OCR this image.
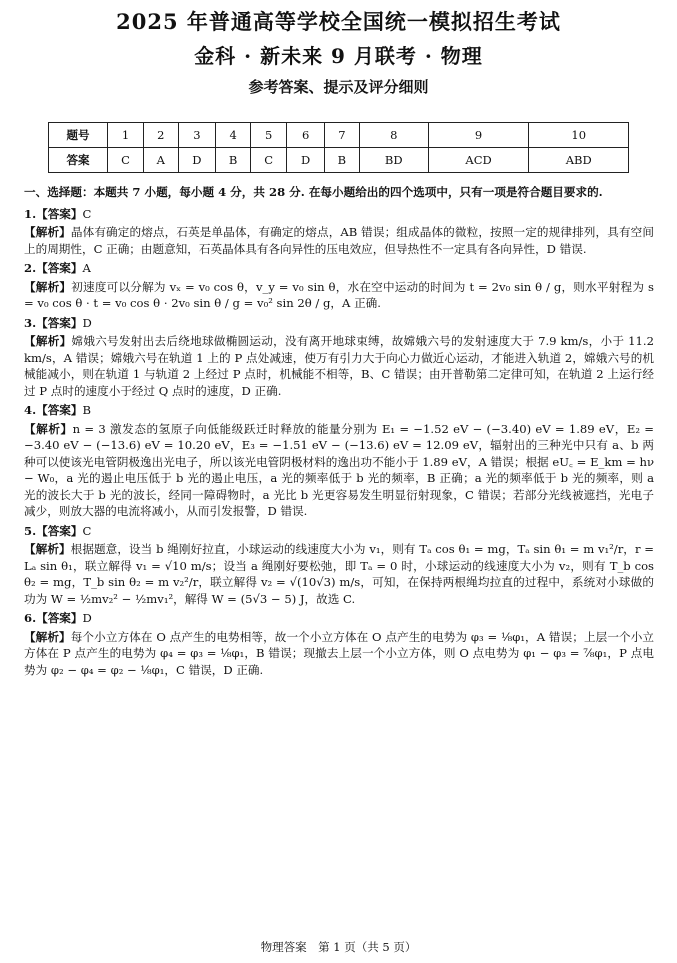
2025 年普通高等学校全国统一模拟招生考试
金科 · 新未来 9 月联考 · 物理
参考答案、提示及评分细则
题号	1	2	3	4	5	6	7	8	9	10
答案	C	A	D	B	C	D	B	BD	ACD	ABD
一、选择题：本题共 7 小题，每小题 4 分，共 28 分. 在每小题给出的四个选项中，只有一项是符合题目要求的.
1.【答案】C
【解析】晶体有确定的熔点，石英是单晶体，有确定的熔点，AB 错误；组成晶体的微粒，按照一定的规律排列，具有空间上的周期性，C 正确；由题意知，石英晶体具有各向异性的压电效应，但导热性不一定具有各向异性，D 错误.
2.【答案】A
【解析】初速度可以分解为 vₓ = v₀ cos θ，v_y = v₀ sin θ，水在空中运动的时间为 t = 2v₀ sin θ / g，则水平射程为 s = v₀ cos θ · t = v₀ cos θ · 2v₀ sin θ / g = v₀² sin 2θ / g，A 正确.
3.【答案】D
【解析】嫦娥六号发射出去后绕地球做椭圆运动，没有离开地球束缚，故嫦娥六号的发射速度大于 7.9 km/s，小于 11.2 km/s，A 错误；嫦娥六号在轨道 1 上的 P 点处减速，使万有引力大于向心力做近心运动，才能进入轨道 2，嫦娥六号的机械能减小，则在轨道 1 与轨道 2 上经过 P 点时，机械能不相等，B、C 错误；由开普勒第二定律可知，在轨道 2 上运行经过 P 点时的速度小于经过 Q 点时的速度，D 正确.
4.【答案】B
【解析】n = 3 激发态的氢原子向低能级跃迁时释放的能量分别为 E₁ = −1.52 eV − (−3.40) eV = 1.89 eV，E₂ = −3.40 eV − (−13.6) eV = 10.20 eV，E₃ = −1.51 eV − (−13.6) eV = 12.09 eV，辐射出的三种光中只有 a、b 两种可以使该光电管阴极逸出光电子，所以该光电管阴极材料的逸出功不能小于 1.89 eV，A 错误；根据 eU꜀ = E_km = hν − W₀，a 光的遏止电压低于 b 光的遏止电压，a 光的频率低于 b 光的频率，B 正确；a 光的频率低于 b 光的频率，则 a 光的波长大于 b 光的波长，经同一障碍物时，a 光比 b 光更容易发生明显衍射现象，C 错误；若部分光线被遮挡，光电子减少，则放大器的电流将减小，从而引发报警，D 错误.
5.【答案】C
【解析】根据题意，设当 b 绳刚好拉直，小球运动的线速度大小为 v₁，则有 Tₐ cos θ₁ = mg，Tₐ sin θ₁ = m v₁²/r，r = Lₐ sin θ₁，联立解得 v₁ = √10 m/s；设当 a 绳刚好要松弛，即 Tₐ = 0 时，小球运动的线速度大小为 v₂，则有 T_b cos θ₂ = mg，T_b sin θ₂ = m v₂²/r，联立解得 v₂ = √(10√3) m/s，可知，在保持两根绳均拉直的过程中，系统对小球做的功为 W = ½mv₂² − ½mv₁²，解得 W = (5√3 − 5) J，故选 C.
6.【答案】D
【解析】每个小立方体在 O 点产生的电势相等，故一个小立方体在 O 点产生的电势为 φ₃ = ⅛φ₁，A 错误；上层一个小立方体在 P 点产生的电势为 φ₄ = φ₃ = ⅛φ₁，B 错误；现撤去上层一个小立方体，则 O 点电势为 φ₁ − φ₃ = ⅞φ₁，P 点电势为 φ₂ − φ₄ = φ₂ − ⅛φ₁，C 错误，D 正确.
物理答案　第 1 页（共 5 页）
